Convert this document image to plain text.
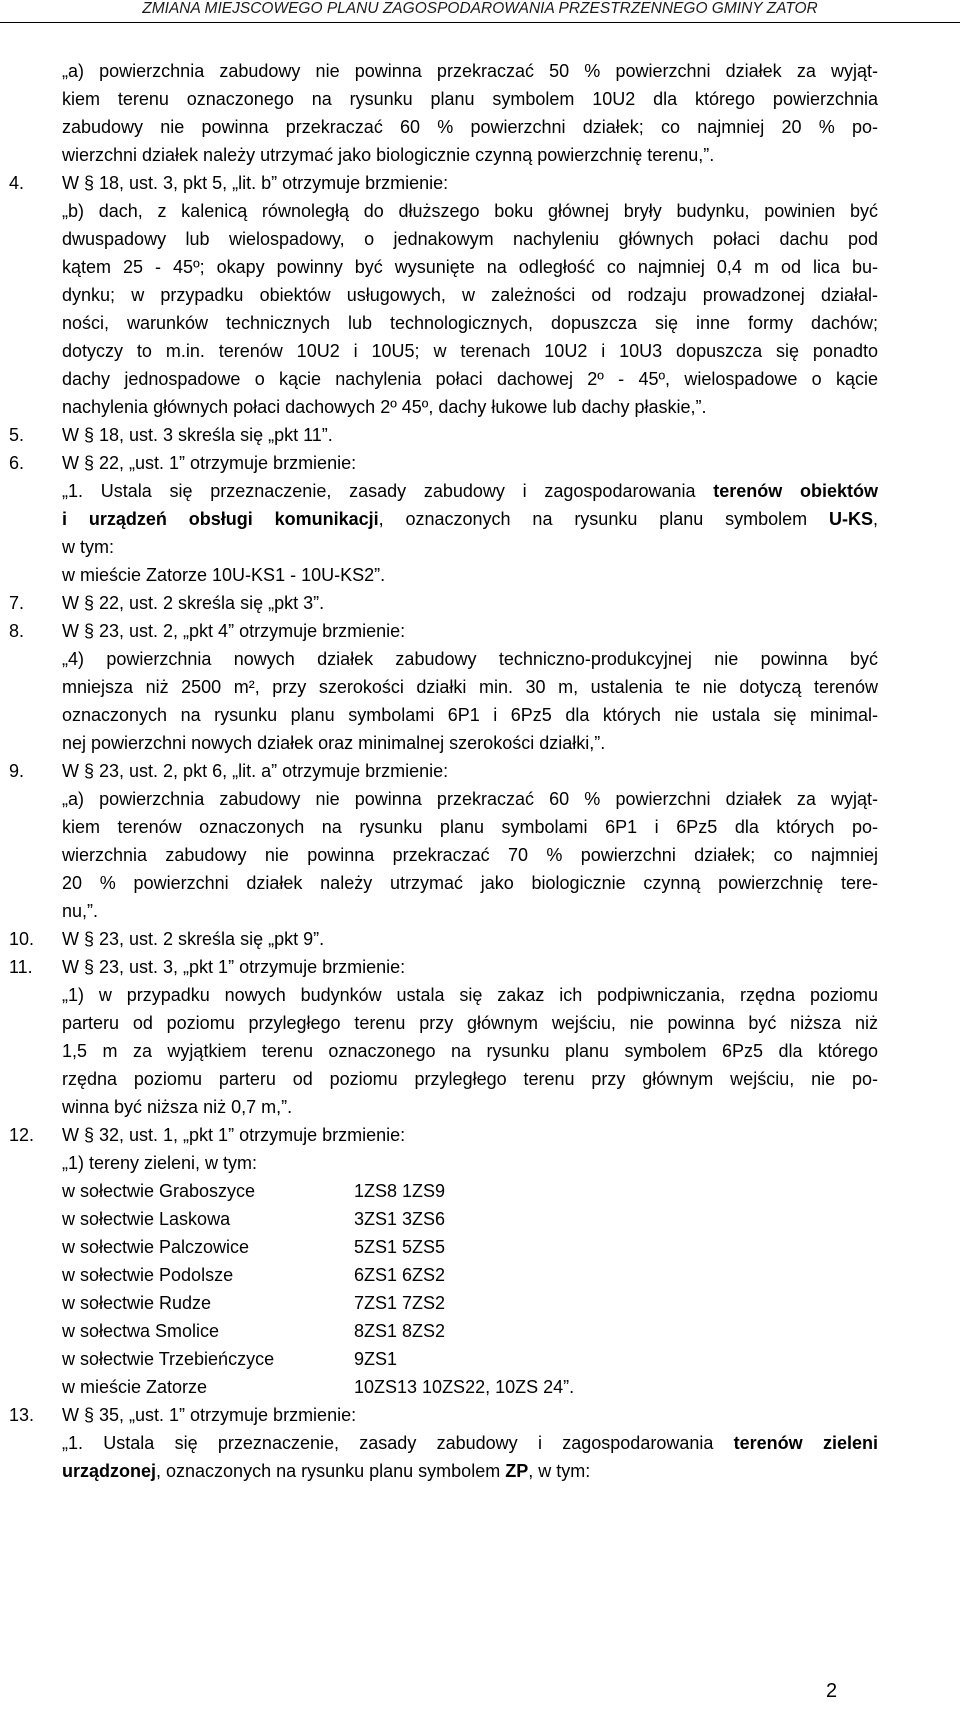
ZMIANA MIEJSCOWEGO PLANU ZAGOSPODAROWANIA PRZESTRZENNEGO GMINY ZATOR
„a) powierzchnia zabudowy nie powinna przekraczać 50 % powierzchni działek za wyjąt-
kiem terenu oznaczonego na rysunku planu symbolem 10U2 dla którego powierzchnia
zabudowy nie powinna przekraczać 60 % powierzchni działek; co najmniej 20 % po-
wierzchni działek należy utrzymać jako biologicznie czynną powierzchnię terenu,”.
4. W § 18, ust. 3, pkt 5, „lit. b” otrzymuje brzmienie:
„b) dach, z kalenicą równoległą do dłuższego boku głównej bryły budynku, powinien być
dwuspadowy lub wielospadowy, o jednakowym nachyleniu głównych połaci dachu pod
kątem 25 - 45º; okapy powinny być wysunięte na odległość co najmniej 0,4 m od lica bu-
dynku; w przypadku obiektów usługowych, w zależności od rodzaju prowadzonej działal-
ności, warunków technicznych lub technologicznych, dopuszcza się inne formy dachów;
dotyczy to m.in. terenów 10U2 i 10U5; w terenach 10U2 i 10U3 dopuszcza się ponadto
dachy jednospadowe o kącie nachylenia połaci dachowej 2º - 45º, wielospadowe o kącie
nachylenia głównych połaci dachowych 2º 45º, dachy łukowe lub dachy płaskie,”.
5. W § 18, ust. 3 skreśla się „pkt 11”.
6. W § 22, „ust. 1” otrzymuje brzmienie:
„1. Ustala się przeznaczenie, zasady zabudowy i zagospodarowania terenów obiektów
i urządzeń obsługi komunikacji, oznaczonych na rysunku planu symbolem U-KS,
w tym:
w mieście Zatorze 10U-KS1 - 10U-KS2”.
7. W § 22, ust. 2 skreśla się „pkt 3”.
8. W § 23, ust. 2, „pkt 4” otrzymuje brzmienie:
„4) powierzchnia nowych działek zabudowy techniczno-produkcyjnej nie powinna być
mniejsza niż 2500 m², przy szerokości działki min. 30 m, ustalenia te nie dotyczą terenów
oznaczonych na rysunku planu symbolami 6P1 i 6Pz5 dla których nie ustala się minimal-
nej powierzchni nowych działek oraz minimalnej szerokości działki,”.
9. W § 23, ust. 2, pkt 6, „lit. a” otrzymuje brzmienie:
„a) powierzchnia zabudowy nie powinna przekraczać 60 % powierzchni działek za wyjąt-
kiem terenów oznaczonych na rysunku planu symbolami 6P1 i 6Pz5 dla których po-
wierzchnia zabudowy nie powinna przekraczać 70 % powierzchni działek; co najmniej
20 % powierzchni działek należy utrzymać jako biologicznie czynną powierzchnię tere-
nu,”.
10. W § 23, ust. 2 skreśla się „pkt 9”.
11. W § 23, ust. 3, „pkt 1” otrzymuje brzmienie:
„1) w przypadku nowych budynków ustala się zakaz ich podpiwniczania, rzędna poziomu
parteru od poziomu przyległego terenu przy głównym wejściu, nie powinna być niższa niż
1,5 m za wyjątkiem terenu oznaczonego na rysunku planu symbolem 6Pz5 dla którego
rzędna poziomu parteru od poziomu przyległego terenu przy głównym wejściu, nie po-
winna być niższa niż 0,7 m,”.
12. W § 32, ust. 1, „pkt 1” otrzymuje brzmienie:
„1) tereny zieleni, w tym:
13. W § 35, „ust. 1” otrzymuje brzmienie:
„1. Ustala się przeznaczenie, zasady zabudowy i zagospodarowania terenów zieleni
urządzonej, oznaczonych na rysunku planu symbolem ZP, w tym:
w sołectwie Graboszyce	1ZS8 1ZS9
w sołectwie Laskowa	3ZS1 3ZS6
w sołectwie Palczowice	5ZS1 5ZS5
w sołectwie Podolsze	6ZS1 6ZS2
w sołectwie Rudze	7ZS1 7ZS2
w sołectwa Smolice	8ZS1 8ZS2
w sołectwie Trzebieńczyce	9ZS1
w mieście Zatorze	10ZS13 10ZS22, 10ZS 24”.
2
